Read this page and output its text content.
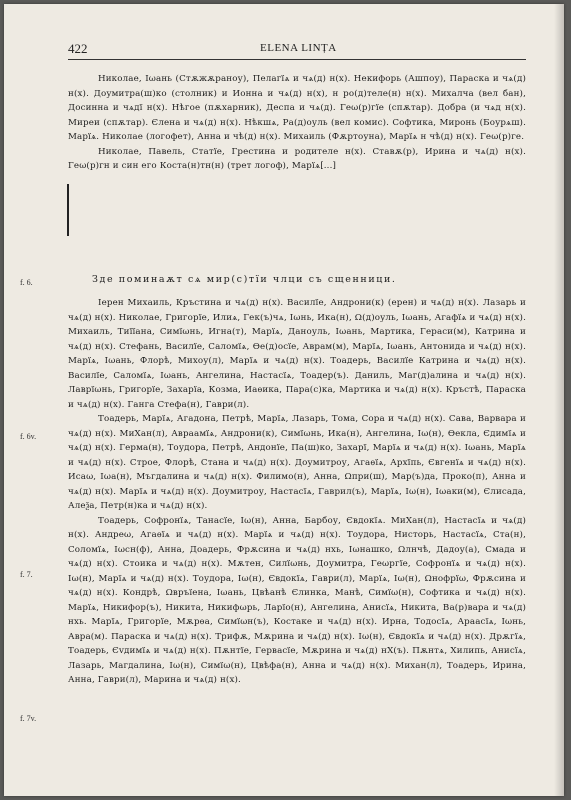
422	ELENA LINȚA

Николае, Iωань (Стѫжѫраноу), Пелагїѧ и чѧ(д) н(х). Некифорь (Ашпоу), Параска и чѧ(д) н(х). Доумитра(ш)ко (столник) и Ионна и чѧ(д) н(х), н ро(д)теле(н) н(х). Михалча (вел бан), Досинна и чѧдї н(х). Нѣгое (пѫхарник), Деспа и чѧ(д). Геω(р)гїе (спѫтар). Добра (и чѧд н(х). Миреи (спѫтар). Єлена и чѧ(д) н(х). Нѣкшѧ, Ра(д)оуль (вел комис). Софтика, Миронь (Боурѧш). Марїѧ. Николае (логофет), Анна и чѣ(д) н(х). Михаиль (Фѫртоуна), Марїѧ н чѣ(д) н(х). Геω(р)ге.

Николае, Павель, Статїе, Грестина и родителе н(х). Ставѫ(р), Ирина и чѧ(д) н(х). Геω(р)гн и син его Коста(н)тн(н) (трет логоф), Марїѧ[...]

f. 6.	Зде поминаѫт сѧ мир(с)тїи члци съ сщенници.

Iерен Михаиль, Кръстина и чѧ(д) н(х). Василїе, Андрони(к) (ерен) и чѧ(д) н(х). Лазарь и чѧ(д) н(х). Николае, Григорїе, Илиѧ, Гек(ъ)чѧ, Iωнь, Ика(н), Ω(д)оуль, Iωань, Агафїѧ и чѧ(д) н(х). Михаиль, Тиїїана, Симїωнь, Игна(т), Марїѧ, Даноуль, Iωань, Мартика, Гераси(м), Катрина и чѧ(д) н(х). Стефань, Василїе, Саломїѧ, Ѳе(д)осїе, Аврам(м), Марїѧ, Iωань, Антонида и чѧ(д) н(х). Марїѧ, Iωань, Флорѣ, Михоу(л), Марїѧ и чѧ(д) н(х). Тоадерь, Василїе Катрина и чѧ(д) н(х). Василїе, Саломїѧ, Iωань, Ангелина, Настасїѧ, Тоадер(ъ). Даниль, Маг(д)алина и чѧ(д) н(х). Лаврїωнь, Григорїе, Захарїа, Козма, Иаѳика, Пара(с)ка, Мартика и чѧ(д) н(х). Кръстѣ, Параска и чѧ(д) н(х). Ганга Стефа(н), Гаври(л).

Тоадерь, Марїѧ, Агадона, Петрѣ, Марїѧ, Лазарь, Тома, Сора и чѧ(д) н(х). Сава, Варвара и чѧ(д) н(х). МиХан(л), Авраамїѧ, Андрони(к), Симїωнь, Ика(н), Ангелина, Iω(н), Ѳекла, Єдимїѧ и чѧ(д) н(х). Герма(н), Тоудора, Петрѣ, Андонїе, Па(ш)ко, Захарї, Марїѧ и чѧ(д) н(х). Iωань, Марїѧ и чѧ(д) н(х). Строе, Флорѣ, Стана и чѧ(д) н(х). Доумитроу, Агаѳїѧ, Архїпь, Євгенїѧ и чѧ(д) н(х). Исаω, Iωа(н), Мъгдалина и чѧ(д) н(х). Филимо(н), Анна, Ωпри(ш), Мар(ъ)да, Проко(п), Анна и чѧ(д) н(х). Марїѧ и чѧ(д) н(х). Доумитроу, Настасїѧ, Гаврил(ъ), Марїѧ, Iω(н), Iωаки(м), Єлисада, Алеѯа, Петр(н)ка и чѧ(д) н(х).

Тоадерь, Софронїѧ, Танасїе, Iω(н), Анна, Барбоу, Євдокїѧ. МиХан(л), Настасїѧ и чѧ(д) н(х). Андреω, Агаѳїѧ и чѧ(д) н(х). Марїѧ и чѧ(д) н(х). Тоудора, Нисторь, Настасїѧ, Ста(н), Соломїѧ, Iωсн(ф), Анна, Доадерь, Фрѫсина и чѧ(д) нхь, Iωнашко, Ωлнчѣ, Дадоу(а), Смада и чѧ(д) н(х). Стоика и чѧ(д) н(х). Мѫтен, Силїωнь, Доумитра, Геωргїе, Софронїѧ и чѧ(д) н(х). Iω(н), Марїѧ и чѧ(д) н(х). Тоудора, Iω(н), Євдокїѧ, Гаври(л), Марїѧ, Iω(н), Ωнофрїω, Фрѫсина и чѧ(д) н(х). Кондрѣ, Ωвръїена, Iωань, Цвѣанѣ Єлинка, Манѣ, Симїω(н), Софтика и чѧ(д) н(х). Марїѧ, Никифор(ъ), Никита, Никифωрь, Ларїо(н), Ангелина, Анисїѧ, Никита, Ва(р)вара и чѧ(д) нхь. Марїѧ, Григорїе, Мѫрѳа, Симїωн(ъ), Костаке и чѧ(д) н(х). Ирна, Тодосїѧ, Араасїѧ, Iωнь, Авра(м). Параска и чѧ(д) н(х). Трифѫ, Мѫрина и чѧ(д) н(х). Iω(н), Євдокїѧ и чѧ(д) н(х). Дрѫгїѧ, Тоадерь, Єvдимїѧ и чѧ(д) н(х). Пѫнтїе, Гервасїе, Мѫрина и чѧ(д) нХ(ъ). Пѫнтѧ, Хилипь, Анисїѧ, Лазарь, Магдалина, Iω(н), Симїω(н), Цвѣфа(н), Анна и чѧ(д) н(х). Михан(л), Тоадерь, Ирина, Анна, Гаври(л), Марина и чѧ(д) н(х).

f. 6v.
f. 7.
f. 7v.
